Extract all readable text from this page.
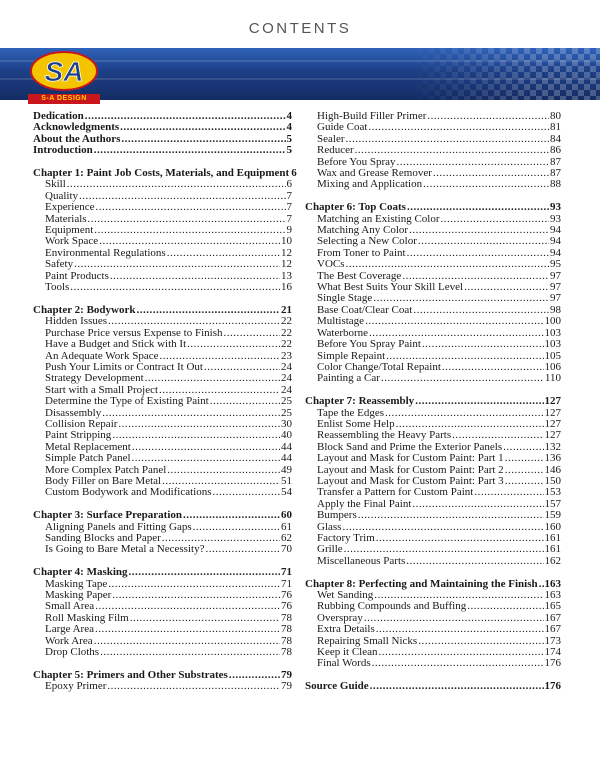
CONTENTS
SA
S-A DESIGN
Dedication .....	4
Acknowledgments .....	4
About the Authors .....	5
Introduction .....	5
Chapter 1: Paint Job Costs, Materials, and Equipment 6
Skill .....	6
Quality .....	7
Experience .....	7
Materials .....	7
Equipment .....	9
Work Space .....	10
Environmental Regulations .....	12
Safety .....	12
Paint Products .....	13
Tools .....	16
Chapter 2: Bodywork .....	21
Hidden Issues .....	22
Purchase Price versus Expense to Finish .....	22
Have a Budget and Stick with It .....	22
An Adequate Work Space .....	23
Push Your Limits or Contract It Out .....	24
Strategy Development .....	24
Start with a Small Project .....	24
Determine the Type of Existing Paint .....	25
Disassembly .....	25
Collision Repair .....	30
Paint Stripping .....	40
Metal Replacement .....	44
Simple Patch Panel .....	44
More Complex Patch Panel .....	49
Body Filler on Bare Metal .....	51
Custom Bodywork and Modifications .....	54
Chapter 3: Surface Preparation .....	60
Aligning Panels and Fitting Gaps .....	61
Sanding Blocks and Paper .....	62
Is Going to Bare Metal a Necessity? .....	70
Chapter 4: Masking .....	71
Masking Tape .....	71
Masking Paper .....	76
Small Area .....	76
Roll Masking Film .....	78
Large Area .....	78
Work Area .....	78
Drop Cloths .....	78
Chapter 5: Primers and Other Substrates .....	79
Epoxy Primer .....	79
High-Build Filler Primer .....	80
Guide Coat .....	81
Sealer .....	84
Reducer .....	86
Before You Spray .....	87
Wax and Grease Remover .....	87
Mixing and Application .....	88
Chapter 6: Top Coats .....	93
Matching an Existing Color .....	93
Matching Any Color .....	94
Selecting a New Color .....	94
From Toner to Paint .....	94
VOCs .....	95
The Best Coverage .....	97
What Best Suits Your Skill Level .....	97
Single Stage .....	97
Base Coat/Clear Coat .....	98
Multistage .....	100
Waterborne .....	103
Before You Spray Paint .....	103
Simple Repaint .....	105
Color Change/Total Repaint .....	106
Painting a Car .....	110
Chapter 7: Reassembly .....	127
Tape the Edges .....	127
Enlist Some Help .....	127
Reassembling the Heavy Parts .....	127
Block Sand and Prime the Exterior Panels .....	132
Layout and Mask for Custom Paint: Part 1 .....	136
Layout and Mask for Custom Paint: Part 2 .....	146
Layout and Mask for Custom Paint: Part 3 .....	150
Transfer a Pattern for Custom Paint .....	153
Apply the Final Paint .....	157
Bumpers .....	159
Glass .....	160
Factory Trim .....	161
Grille .....	161
Miscellaneous Parts .....	162
Chapter 8: Perfecting and Maintaining the Finish ..... 163
Wet Sanding .....	163
Rubbing Compounds and Buffing .....	165
Overspray .....	167
Extra Details .....	167
Repairing Small Nicks .....	173
Keep it Clean .....	174
Final Words .....	176
Source Guide .....	176
